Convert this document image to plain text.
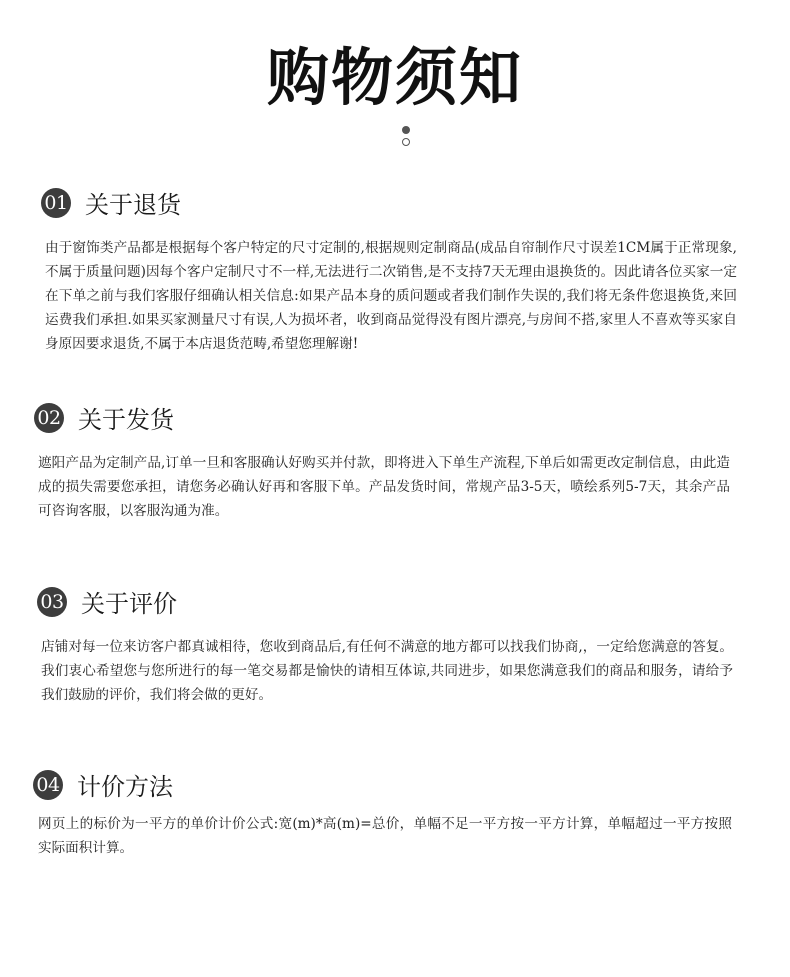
购物须知
01 关于退货
由于窗饰类产品都是根据每个客户特定的尺寸定制的,根据规则定制商品(成品自帘制作尺寸误差1CM属于正常现象,不属于质量问题)因每个客户定制尺寸不一样,无法进行二次销售,是不支持7天无理由退换货的。因此请各位买家一定在下单之前与我们客服仔细确认相关信息:如果产品本身的质问题或者我们制作失误的,我们将无条件您退换货,来回运费我们承担.如果买家测量尺寸有误,人为损坏者，收到商品觉得没有图片漂亮,与房间不搭,家里人不喜欢等买家自身原因要求退货,不属于本店退货范畴,希望您理解谢!
02 关于发货
遮阳产品为定制产品,订单一旦和客服确认好购买并付款，即将进入下单生产流程,下单后如需更改定制信息，由此造成的损失需要您承担，请您务必确认好再和客服下单。产品发货时间，常规产品3-5天，喷绘系列5-7天，其余产品可咨询客服，以客服沟通为准。
03 关于评价
店铺对每一位来访客户都真诚相待，您收到商品后,有任何不满意的地方都可以找我们协商,，一定给您满意的答复。我们衷心希望您与您所进行的每一笔交易都是愉快的请相互体谅,共同进步，如果您满意我们的商品和服务，请给予我们鼓励的评价，我们将会做的更好。
04 计价方法
网页上的标价为一平方的单价计价公式:宽(m)*高(m)=总价，单幅不足一平方按一平方计算，单幅超过一平方按照实际面积计算。
